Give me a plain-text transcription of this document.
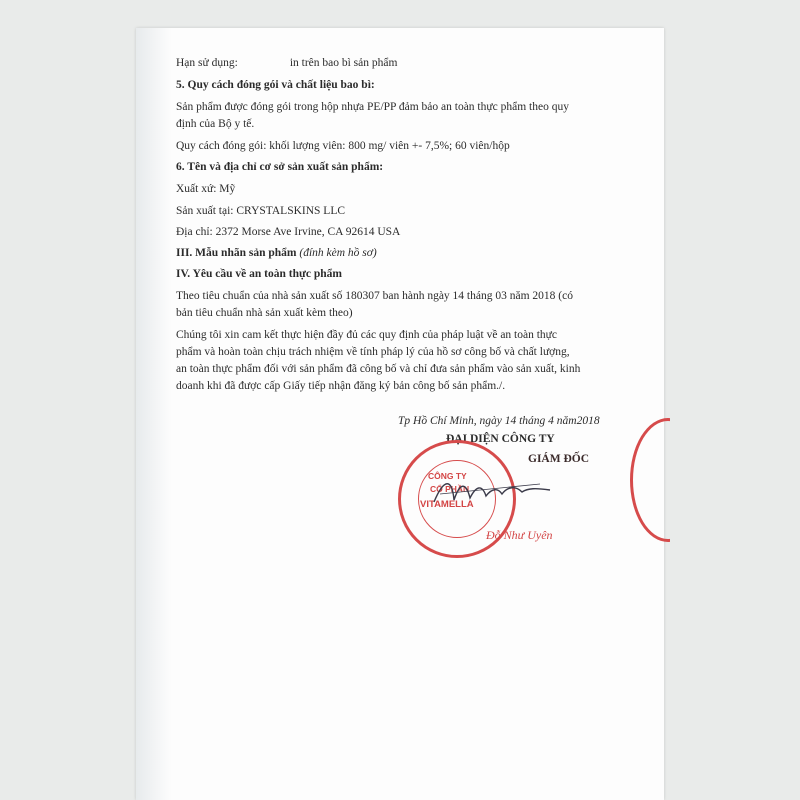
Hạn sử dụng:	in trên bao bì sản phẩm
5. Quy cách đóng gói và chất liệu bao bì:
Sản phẩm được đóng gói trong hộp nhựa PE/PP đảm bảo an toàn thực phẩm theo quy
định của Bộ y tế.
Quy cách đóng gói: khối lượng viên: 800 mg/ viên +- 7,5%; 60 viên/hộp
6. Tên và địa chỉ cơ sở sản xuất sản phẩm:
Xuất xứ: Mỹ
Sản xuất tại: CRYSTALSKINS LLC
Địa chỉ: 2372 Morse Ave Irvine, CA 92614 USA
III. Mẫu nhãn sản phẩm (đính kèm hồ sơ)
IV. Yêu cầu về an toàn thực phẩm
Theo tiêu chuẩn của nhà sản xuất số 180307 ban hành ngày 14 tháng 03 năm 2018 (có
bản tiêu chuẩn nhà sản xuất kèm theo)
Chúng tôi xin cam kết thực hiện đầy đủ các quy định của pháp luật về an toàn thực
phẩm và hoàn toàn chịu trách nhiệm về tính pháp lý của hồ sơ công bố và chất lượng,
an toàn thực phẩm đối với sản phẩm đã công bố và chỉ đưa sản phẩm vào sản xuất, kinh
doanh khi đã được cấp Giấy tiếp nhận đăng ký bản công bố sản phẩm./.
Tp Hồ Chí Minh, ngày 14 tháng 4 năm2018
ĐẠI DIỆN CÔNG TY
GIÁM ĐỐC
CÔNG TY
CỔ PHẦN
VITAMELLA
Đỗ Như Uyên
